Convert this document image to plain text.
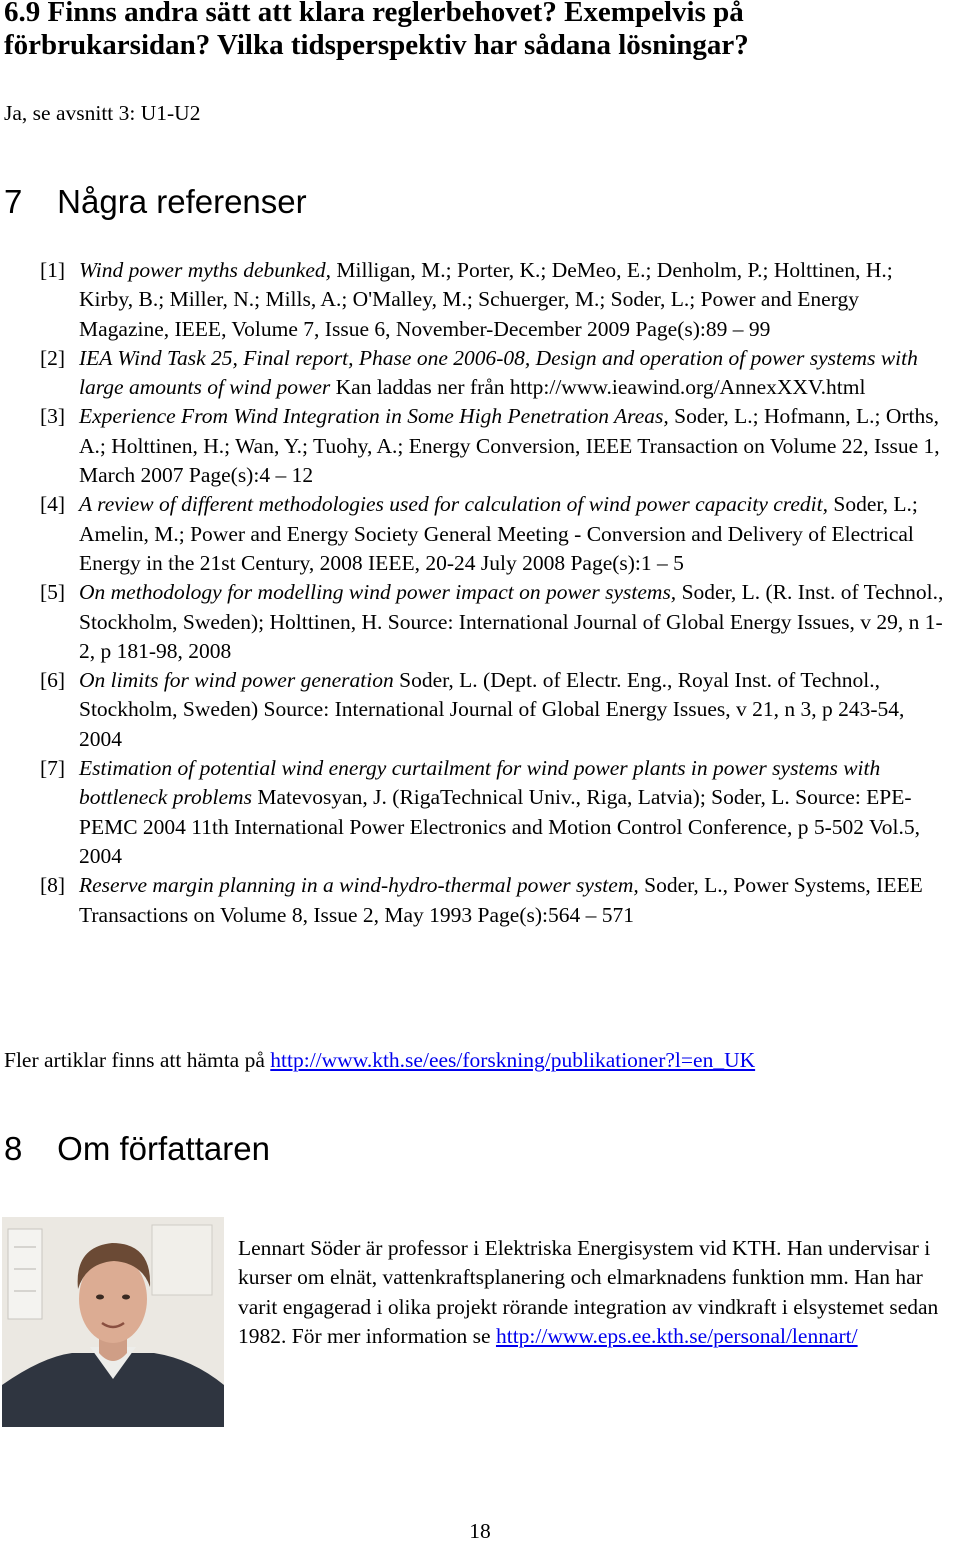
6.9 Finns andra sätt att klara reglerbehovet? Exempelvis på förbrukarsidan? Vilka tidsperspektiv har sådana lösningar?
Ja, se avsnitt 3: U1-U2
7 Några referenser
[1] Wind power myths debunked, Milligan, M.; Porter, K.; DeMeo, E.; Denholm, P.; Holttinen, H.; Kirby, B.; Miller, N.; Mills, A.; O'Malley, M.; Schuerger, M.; Soder, L.; Power and Energy Magazine, IEEE, Volume 7, Issue 6, November-December 2009 Page(s):89 – 99
[2] IEA Wind Task 25, Final report, Phase one 2006-08, Design and operation of power systems with large amounts of wind power Kan laddas ner från http://www.ieawind.org/AnnexXXV.html
[3] Experience From Wind Integration in Some High Penetration Areas, Soder, L.; Hofmann, L.; Orths, A.; Holttinen, H.; Wan, Y.; Tuohy, A.; Energy Conversion, IEEE Transaction on Volume 22, Issue 1, March 2007 Page(s):4 – 12
[4] A review of different methodologies used for calculation of wind power capacity credit, Soder, L.; Amelin, M.; Power and Energy Society General Meeting - Conversion and Delivery of Electrical Energy in the 21st Century, 2008 IEEE, 20-24 July 2008 Page(s):1 – 5
[5] On methodology for modelling wind power impact on power systems, Soder, L. (R. Inst. of Technol., Stockholm, Sweden); Holttinen, H. Source: International Journal of Global Energy Issues, v 29, n 1-2, p 181-98, 2008
[6] On limits for wind power generation Soder, L. (Dept. of Electr. Eng., Royal Inst. of Technol., Stockholm, Sweden) Source: International Journal of Global Energy Issues, v 21, n 3, p 243-54, 2004
[7] Estimation of potential wind energy curtailment for wind power plants in power systems with bottleneck problems Matevosyan, J. (RigaTechnical Univ., Riga, Latvia); Soder, L. Source: EPE-PEMC 2004 11th International Power Electronics and Motion Control Conference, p 5-502 Vol.5, 2004
[8] Reserve margin planning in a wind-hydro-thermal power system, Soder, L., Power Systems, IEEE Transactions on Volume 8, Issue 2, May 1993 Page(s):564 – 571
Fler artiklar finns att hämta på http://www.kth.se/ees/forskning/publikationer?l=en_UK
8 Om författaren
Lennart Söder är professor i Elektriska Energisystem vid KTH. Han undervisar i kurser om elnät, vattenkraftsplanering och elmarknadens funktion mm. Han har varit engagerad i olika projekt rörande integration av vindkraft i elsystemet sedan 1982. För mer information se http://www.eps.ee.kth.se/personal/lennart/
18
